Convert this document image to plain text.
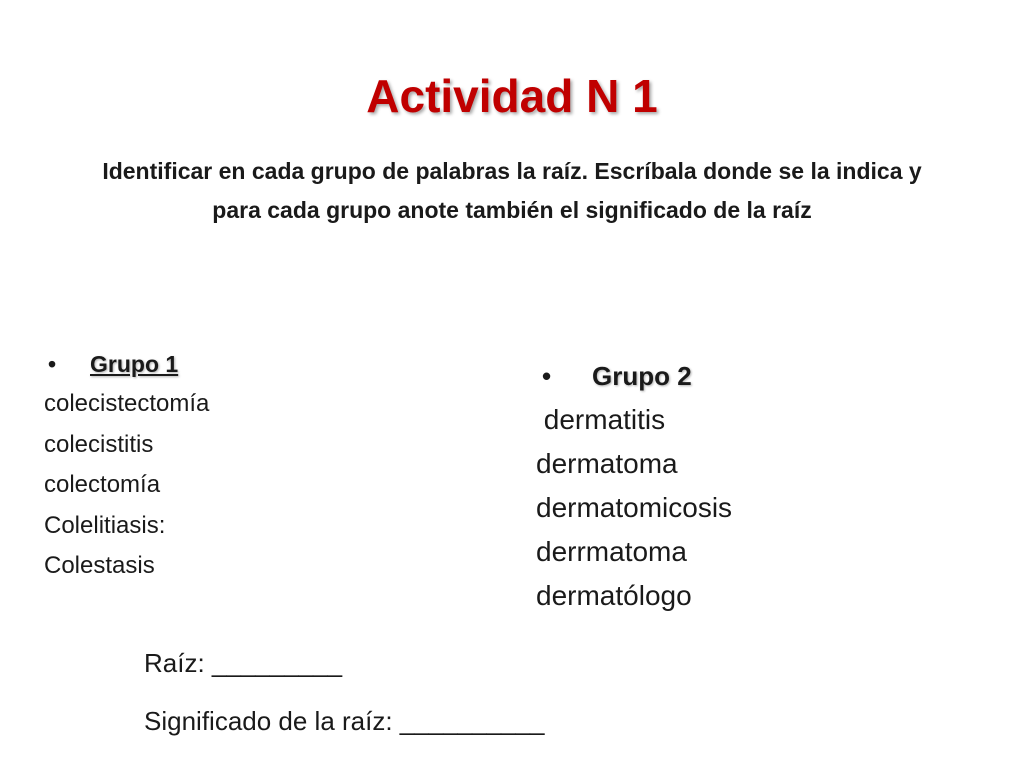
Actividad N 1
Identificar en cada grupo de palabras la raíz. Escríbala donde se la indica y para cada grupo anote también el significado de la raíz
•	Grupo 1
colecistectomía
colecistitis
colectomía
Colelitiasis:
Colestasis
•	Grupo 2
dermatitis
dermatoma
dermatomicosis
derrmatoma
dermatólogo
Raíz: _________
Significado de la raíz: __________
